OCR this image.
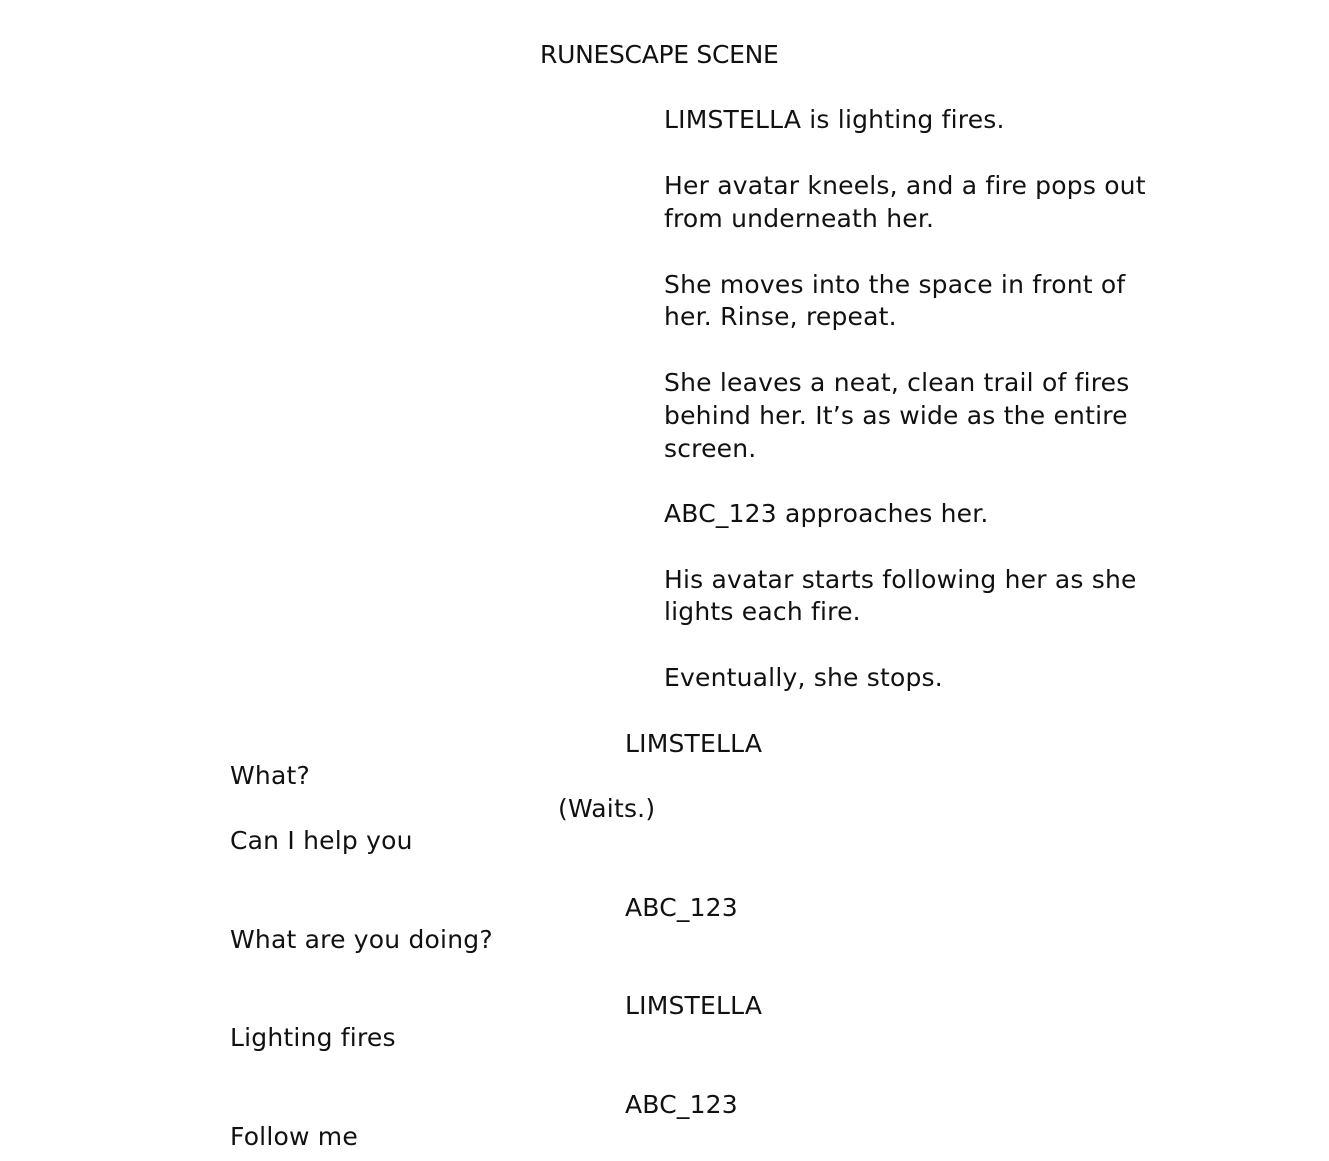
RUNESCAPE SCENE
LIMSTELLA is lighting fires.
Her avatar kneels, and a fire pops out
from underneath her.
She moves into the space in front of
her. Rinse, repeat.
She leaves a neat, clean trail of fires
behind her. It’s as wide as the entire
screen.
ABC_123 approaches her.
His avatar starts following her as she
lights each fire.
Eventually, she stops.
LIMSTELLA
What?
(Waits.)
Can I help you
ABC_123
What are you doing?
LIMSTELLA
Lighting fires
ABC_123
Follow me
